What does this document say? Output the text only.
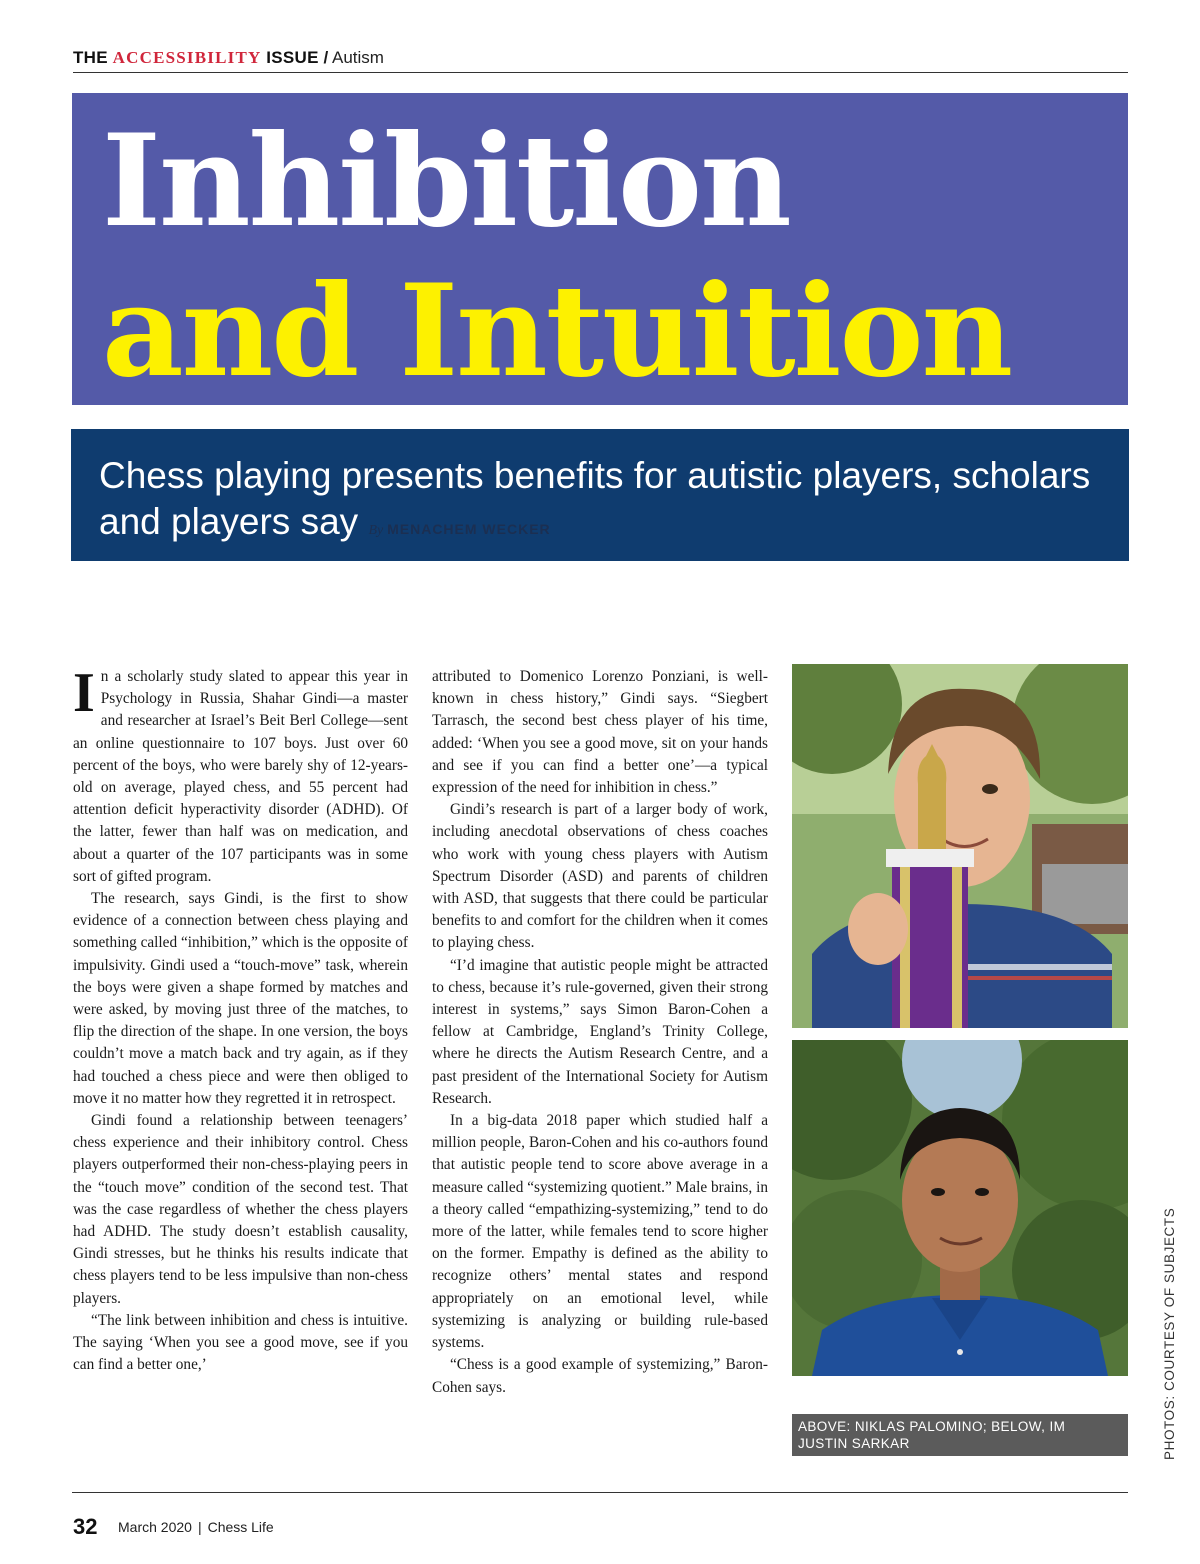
THE ACCESSIBILITY ISSUE / Autism
Inhibition
and Intuition
Chess playing presents benefits for autistic players, scholars and players say By MENACHEM WECKER

In a scholarly study slated to appear this year in Psychology in Russia, Shahar Gindi—a master and researcher at Israel’s Beit Berl College—sent an online questionnaire to 107 boys. Just over 60 percent of the boys, who were barely shy of 12-years-old on average, played chess, and 55 percent had attention deficit hyperactivity disorder (ADHD). Of the latter, fewer than half was on medication, and about a quarter of the 107 participants was in some sort of gifted program.

The research, says Gindi, is the first to show evidence of a connection between chess playing and something called “inhibition,” which is the opposite of impulsivity. Gindi used a “touch-move” task, wherein the boys were given a shape formed by matches and were asked, by moving just three of the matches, to flip the direction of the shape. In one version, the boys couldn’t move a match back and try again, as if they had touched a chess piece and were then obliged to move it no matter how they regretted it in retrospect.

Gindi found a relationship between teenagers’ chess experience and their inhibitory control. Chess players outperformed their non-chess-playing peers in the “touch move” condition of the second test. That was the case regardless of whether the chess players had ADHD. The study doesn’t establish causality, Gindi stresses, but he thinks his results indicate that chess players tend to be less impulsive than non-chess players.

“The link between inhibition and chess is intuitive. The saying ‘When you see a good move, see if you can find a better one,’

attributed to Domenico Lorenzo Ponziani, is well-known in chess history,” Gindi says. “Siegbert Tarrasch, the second best chess player of his time, added: ‘When you see a good move, sit on your hands and see if you can find a better one’—a typical expression of the need for inhibition in chess.”

Gindi’s research is part of a larger body of work, including anecdotal observations of chess coaches who work with young chess players with Autism Spectrum Disorder (ASD) and parents of children with ASD, that suggests that there could be particular benefits to and comfort for the children when it comes to playing chess.

“I’d imagine that autistic people might be attracted to chess, because it’s rule-governed, given their strong interest in systems,” says Simon Baron-Cohen a fellow at Cambridge, England’s Trinity College, where he directs the Autism Research Centre, and a past president of the International Society for Autism Research.

In a big-data 2018 paper which studied half a million people, Baron-Cohen and his co-authors found that autistic people tend to score above average in a measure called “systemizing quotient.” Male brains, in a theory called “empathizing-systemizing,” tend to do more of the latter, while females tend to score higher on the former. Empathy is defined as the ability to recognize others’ mental states and respond appropriately on an emotional level, while systemizing is analyzing or building rule-based systems.

“Chess is a good example of systemizing,” Baron-Cohen says.

ABOVE: NIKLAS PALOMINO; BELOW, IM JUSTIN SARKAR	PHOTOS: COURTESY OF SUBJECTS
32 March 2020 | Chess Life
